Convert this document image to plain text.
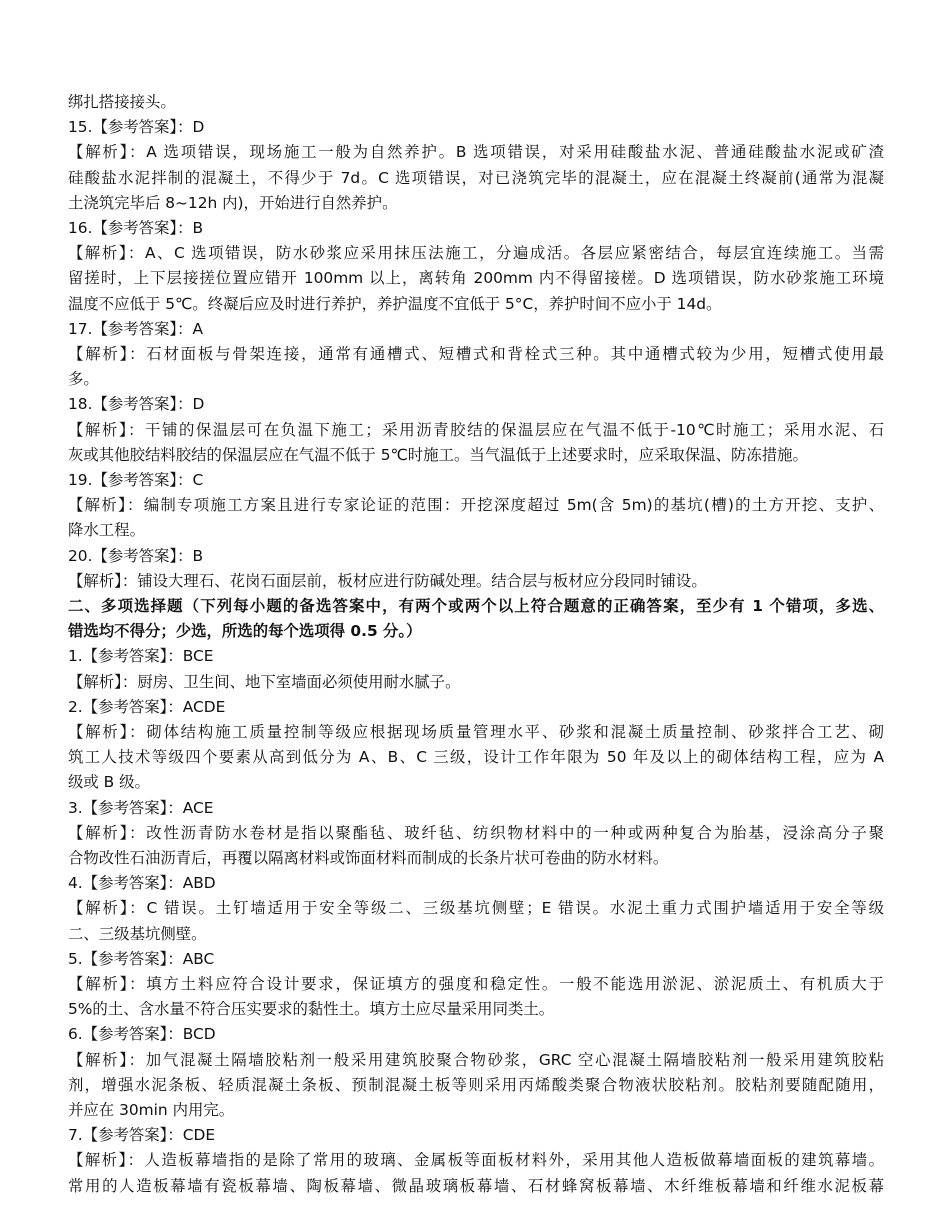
绑扎搭接接头。
15.【参考答案】：D
【解析】：A 选项错误，现场施工一般为自然养护。B 选项错误，对采用硅酸盐水泥、普通硅酸盐水泥或矿渣
硅酸盐水泥拌制的混凝土，不得少于 7d。C 选项错误，对已浇筑完毕的混凝土，应在混凝土终凝前(通常为混凝
土浇筑完毕后 8~12h 内)，开始进行自然养护。
16.【参考答案】：B
【解析】：A、C 选项错误，防水砂浆应采用抹压法施工，分遍成活。各层应紧密结合，每层宜连续施工。当需
留搓时，上下层接搓位置应错开 100mm 以上，离转角 200mm 内不得留接槎。D 选项错误，防水砂浆施工环境
温度不应低于 5℃。终凝后应及时进行养护，养护温度不宜低于 5°C，养护时间不应小于 14d。
17.【参考答案】：A
【解析】：石材面板与骨架连接，通常有通槽式、短槽式和背栓式三种。其中通槽式较为少用，短槽式使用最
多。
18.【参考答案】：D
【解析】：干铺的保温层可在负温下施工；采用沥青胶结的保温层应在气温不低于-10℃时施工；采用水泥、石
灰或其他胶结料胶结的保温层应在气温不低于 5℃时施工。当气温低于上述要求时，应采取保温、防冻措施。
19.【参考答案】：C
【解析】：编制专项施工方案且进行专家论证的范围：开挖深度超过 5m(含 5m)的基坑(槽)的土方开挖、支护、
降水工程。
20.【参考答案】：B
【解析】：铺设大理石、花岗石面层前，板材应进行防碱处理。结合层与板材应分段同时铺设。
二、多项选择题（下列每小题的备选答案中，有两个或两个以上符合题意的正确答案，至少有 1 个错项，多选、
错选均不得分；少选，所选的每个选项得 0.5 分。）
1.【参考答案】：BCE
【解析】：厨房、卫生间、地下室墙面必须使用耐水腻子。
2.【参考答案】：ACDE
【解析】：砌体结构施工质量控制等级应根据现场质量管理水平、砂浆和混凝土质量控制、砂浆拌合工艺、砌
筑工人技术等级四个要素从高到低分为 A、B、C 三级，设计工作年限为 50 年及以上的砌体结构工程，应为 A
级或 B 级。
3.【参考答案】：ACE
【解析】：改性沥青防水卷材是指以聚酯毡、玻纤毡、纺织物材料中的一种或两种复合为胎基，浸涂高分子聚
合物改性石油沥青后，再覆以隔离材料或饰面材料而制成的长条片状可卷曲的防水材料。
4.【参考答案】：ABD
【解析】：C 错误。土钉墙适用于安全等级二、三级基坑侧壁；E 错误。水泥土重力式围护墙适用于安全等级
二、三级基坑侧壁。
5.【参考答案】：ABC
【解析】：填方土料应符合设计要求，保证填方的强度和稳定性。一般不能选用淤泥、淤泥质土、有机质大于
5%的土、含水量不符合压实要求的黏性土。填方土应尽量采用同类土。
6.【参考答案】：BCD
【解析】：加气混凝土隔墙胶粘剂一般采用建筑胶聚合物砂浆，GRC 空心混凝土隔墙胶粘剂一般采用建筑胶粘
剂，增强水泥条板、轻质混凝土条板、预制混凝土板等则采用丙烯酸类聚合物液状胶粘剂。胶粘剂要随配随用，
并应在 30min 内用完。
7.【参考答案】：CDE
【解析】：人造板幕墙指的是除了常用的玻璃、金属板等面板材料外，采用其他人造板做幕墙面板的建筑幕墙。
常用的人造板幕墙有瓷板幕墙、陶板幕墙、微晶玻璃板幕墙、石材蜂窝板幕墙、木纤维板幕墙和纤维水泥板幕
